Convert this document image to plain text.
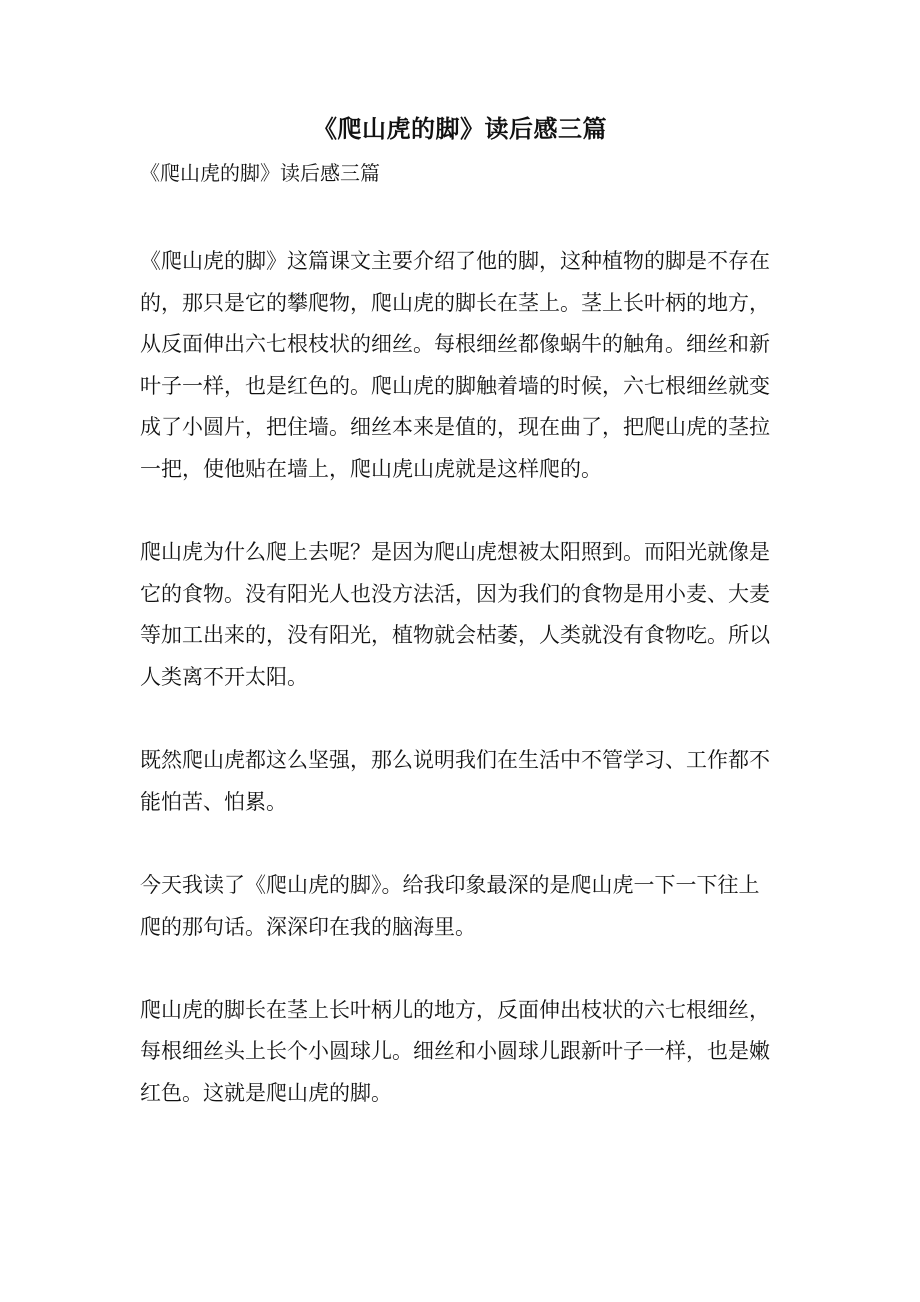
《爬山虎的脚》读后感三篇
《爬山虎的脚》读后感三篇

《爬山虎的脚》这篇课文主要介绍了他的脚，这种植物的脚是不存在的，那只是它的攀爬物，爬山虎的脚长在茎上。茎上长叶柄的地方，从反面伸出六七根枝状的细丝。每根细丝都像蜗牛的触角。细丝和新叶子一样，也是红色的。爬山虎的脚触着墙的时候，六七根细丝就变成了小圆片，把住墙。细丝本来是值的，现在曲了，把爬山虎的茎拉一把，使他贴在墙上，爬山虎山虎就是这样爬的。

爬山虎为什么爬上去呢？是因为爬山虎想被太阳照到。而阳光就像是它的食物。没有阳光人也没方法活，因为我们的食物是用小麦、大麦等加工出来的，没有阳光，植物就会枯萎，人类就没有食物吃。所以人类离不开太阳。

既然爬山虎都这么坚强，那么说明我们在生活中不管学习、工作都不能怕苦、怕累。

今天我读了《爬山虎的脚》。给我印象最深的是爬山虎一下一下往上爬的那句话。深深印在我的脑海里。

爬山虎的脚长在茎上长叶柄儿的地方，反面伸出枝状的六七根细丝，每根细丝头上长个小圆球儿。细丝和小圆球儿跟新叶子一样，也是嫩红色。这就是爬山虎的脚。
